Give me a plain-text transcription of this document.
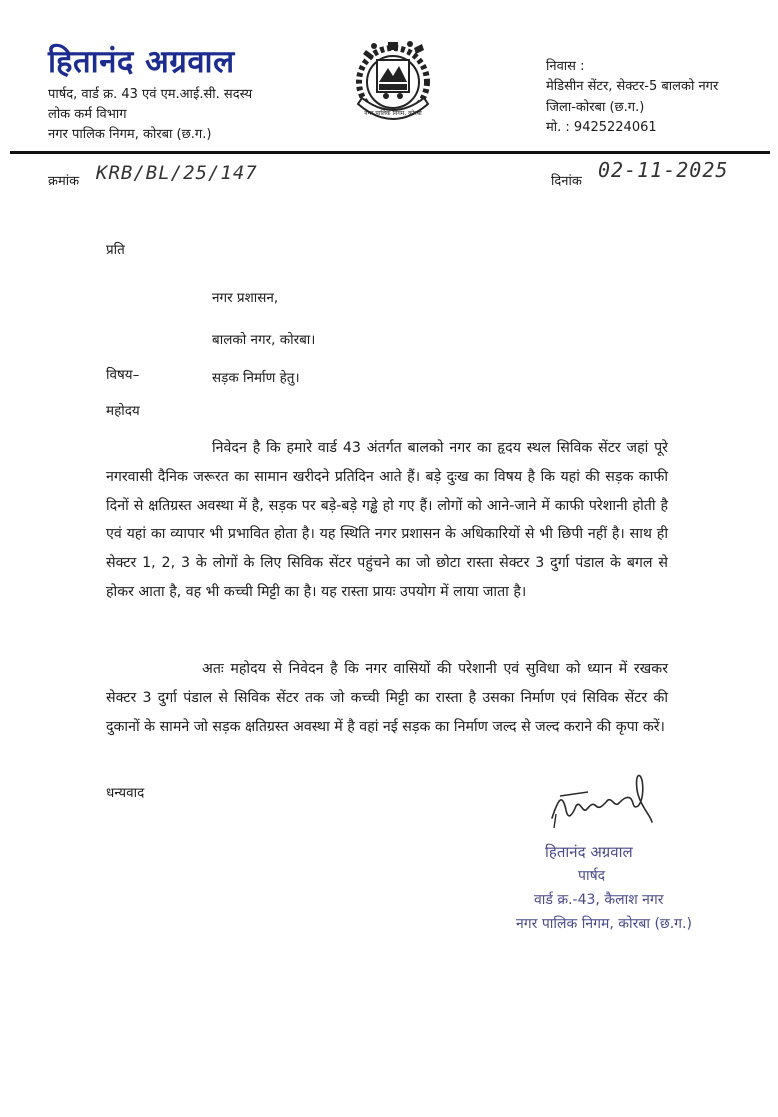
हितानंद अग्रवाल
पार्षद, वार्ड क्र. 43 एवं एम.आई.सी. सदस्य
लोक कर्म विभाग
नगर पालिक निगम, कोरबा (छ.ग.)
नगर पालिक निगम, कोरबा
निवास :
मेडिसीन सेंटर, सेक्टर-5 बालको नगर
जिला-कोरबा (छ.ग.)
मो. : 9425224061
क्रमांक KRB/BL/25/147	दिनांक 02-11-2025
प्रति
नगर प्रशासन,
बालको नगर, कोरबा।
विषय–	सड़क निर्माण हेतु।
महोदय
निवेदन है कि हमारे वार्ड 43 अंतर्गत बालको नगर का हृदय स्थल सिविक सेंटर जहां पूरे नगरवासी दैनिक जरूरत का सामान खरीदने प्रतिदिन आते हैं। बड़े दुःख का विषय है कि यहां की सड़क काफी दिनों से क्षतिग्रस्त अवस्था में है, सड़क पर बड़े-बड़े गड्ढे हो गए हैं। लोगों को आने-जाने में काफी परेशानी होती है एवं यहां का व्यापार भी प्रभावित होता है। यह स्थिति नगर प्रशासन के अधिकारियों से भी छिपी नहीं है। साथ ही सेक्टर 1, 2, 3 के लोगों के लिए सिविक सेंटर पहुंचने का जो छोटा रास्ता सेक्टर 3 दुर्गा पंडाल के बगल से होकर आता है, वह भी कच्ची मिट्टी का है। यह रास्ता प्रायः उपयोग में लाया जाता है।
अतः महोदय से निवेदन है कि नगर वासियों की परेशानी एवं सुविधा को ध्यान में रखकर सेक्टर 3 दुर्गा पंडाल से सिविक सेंटर तक जो कच्ची मिट्टी का रास्ता है उसका निर्माण एवं सिविक सेंटर की दुकानों के सामने जो सड़क क्षतिग्रस्त अवस्था में है वहां नई सड़क का निर्माण जल्द से जल्द कराने की कृपा करें।
धन्यवाद
हितानंद अग्रवाल
पार्षद
वार्ड क्र.-43, कैलाश नगर
नगर पालिक निगम, कोरबा (छ.ग.)
